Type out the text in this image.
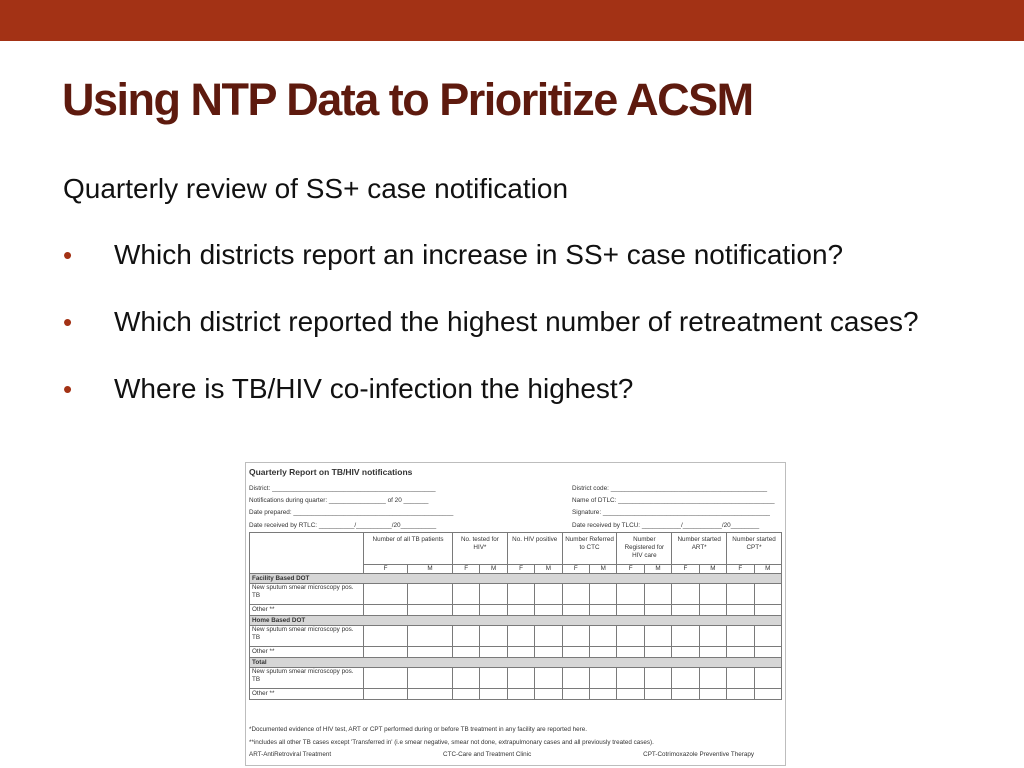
Using NTP Data to Prioritize ACSM
Quarterly review of SS+ case notification
• Which districts report an increase in SS+ case notification?
• Which district reported the highest number of retreatment cases?
• Where is TB/HIV co-infection the highest?
Quarterly Report on TB/HIV notifications
District: ______________________________________________
Notifications during quarter: ________________ of 20 _______
Date prepared: _____________________________________________
Date received by RTLC: __________/__________/20__________
District code: ____________________________________________
Name of DTLC: ____________________________________________
Signature: _______________________________________________
Date received by TLCU: ___________/___________/20________
	Number of all TB patients		No. tested for HIV*		No. HIV positive		Number Referred to CTC		Number Registered for HIV care		Number started ART*		Number started CPT*	
	F	M	F	M	F	M	F	M	F	M	F	M	F	M
Facility Based DOT														
New sputum smear microscopy pos. TB														
Other **														
Home Based DOT														
New sputum smear microscopy pos. TB														
Other **														
Total														
New sputum smear microscopy pos. TB														
Other **														
*Documented evidence of HIV test, ART or CPT performed during or before TB treatment in any facility are reported here.
**includes all other TB cases except 'Transferred in' (i.e smear negative, smear not done, extrapulmonary cases and all previously treated cases).
ART-AntiRetroviral Treatment	CTC-Care and Treatment Clinic	CPT-Cotrimoxazole Preventive Therapy
